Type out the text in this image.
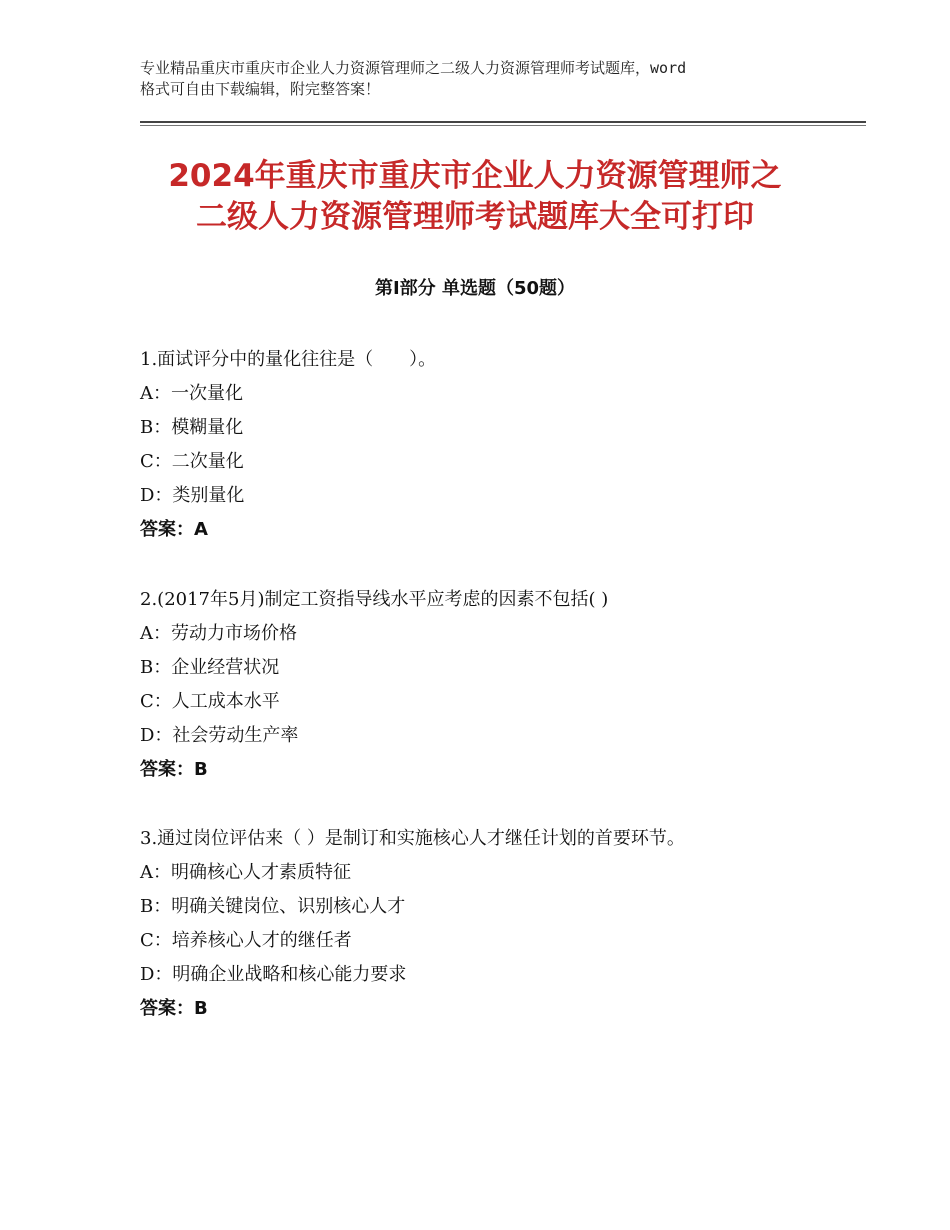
专业精品重庆市重庆市企业人力资源管理师之二级人力资源管理师考试题库，word
格式可自由下载编辑，附完整答案！
2024年重庆市重庆市企业人力资源管理师之
二级人力资源管理师考试题库大全可打印
第I部分 单选题（50题）
1.面试评分中的量化往往是（　　）。
A：一次量化
B：模糊量化
C：二次量化
D：类别量化
答案：A
2.(2017年5月)制定工资指导线水平应考虑的因素不包括( )
A：劳动力市场价格
B：企业经营状况
C：人工成本水平
D：社会劳动生产率
答案：B
3.通过岗位评估来（ ）是制订和实施核心人才继任计划的首要环节。
A：明确核心人才素质特征
B：明确关键岗位、识别核心人才
C：培养核心人才的继任者
D：明确企业战略和核心能力要求
答案：B
